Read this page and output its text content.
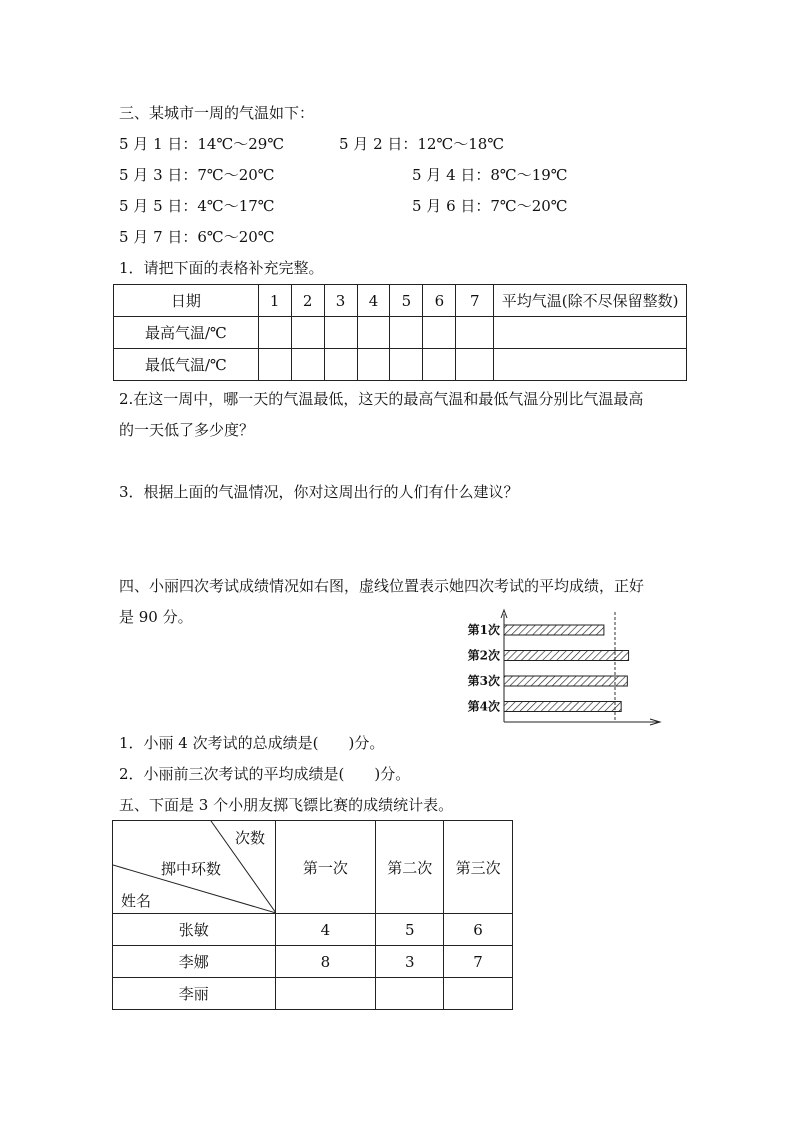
三、某城市一周的气温如下：
5 月 1 日：14℃～29℃	5 月 2 日：12℃～18℃
5 月 3 日：7℃～20℃	5 月 4 日：8℃～19℃
5 月 5 日：4℃～17℃	5 月 6 日：7℃～20℃
5 月 7 日：6℃～20℃
1．请把下面的表格补充完整。
日期	1	2	3	4	5	6	7	平均气温(除不尽保留整数)
最高气温/℃								
最低气温/℃								
2.在这一周中，哪一天的气温最低，这天的最高气温和最低气温分别比气温最高
的一天低了多少度？
3．根据上面的气温情况，你对这周出行的人们有什么建议？
四、小丽四次考试成绩情况如右图，虚线位置表示她四次考试的平均成绩，正好
是 90 分。
第1次
第2次
第3次
第4次
1．小丽 4 次考试的总成绩是(　　)分。
2．小丽前三次考试的平均成绩是(　　)分。
五、下面是 3 个小朋友掷飞镖比赛的成绩统计表。
次数
掷中环数
姓名	第一次	第二次	第三次
张敏	4	5	6
李娜	8	3	7
李丽			
